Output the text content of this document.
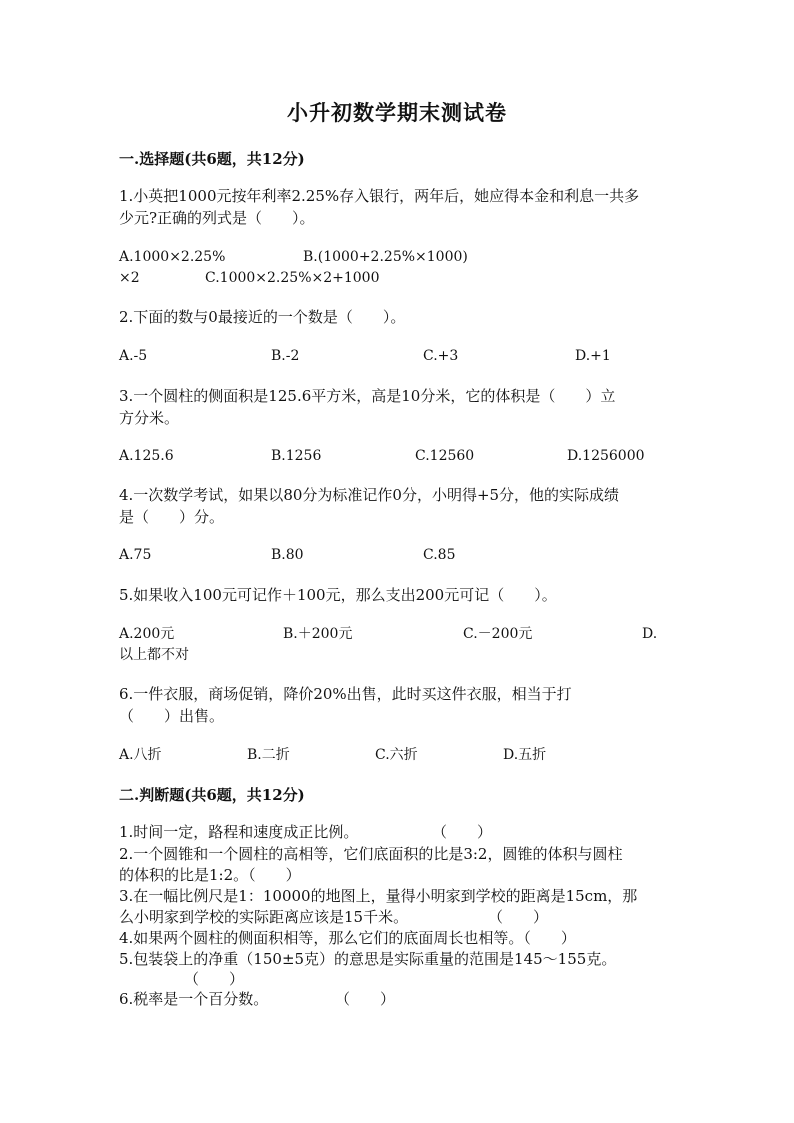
小升初数学期末测试卷
一.选择题(共6题，共12分)
1.小英把1000元按年利率2.25%存入银行，两年后，她应得本金和利息一共多
少元?正确的列式是（　　）。
A.1000×2.25%	B.(1000+2.25%×1000)
×2	C.1000×2.25%×2+1000
2.下面的数与0最接近的一个数是（　　）。
A.-5	B.-2	C.+3	D.+1
3.一个圆柱的侧面积是125.6平方米，高是10分米，它的体积是（　　）立
方分米。
A.125.6	B.1256	C.12560	D.1256000
4.一次数学考试，如果以80分为标准记作0分，小明得+5分，他的实际成绩
是（　　）分。
A.75	B.80	C.85
5.如果收入100元可记作＋100元，那么支出200元可记（　　）。
A.200元	B.＋200元	C.－200元	D.
以上都不对
6.一件衣服，商场促销，降价20%出售，此时买这件衣服，相当于打
（　　）出售。
A.八折	B.二折	C.六折	D.五折
二.判断题(共6题，共12分)
1.时间一定，路程和速度成正比例。	（　　）
2.一个圆锥和一个圆柱的高相等，它们底面积的比是3:2，圆锥的体积与圆柱
的体积的比是1:2。（　　）
3.在一幅比例尺是1：10000的地图上，量得小明家到学校的距离是15cm，那
么小明家到学校的实际距离应该是15千米。	（　　）
4.如果两个圆柱的侧面积相等，那么它们的底面周长也相等。（　　）
5.包装袋上的净重（150±5克）的意思是实际重量的范围是145～155克。
（　　）
6.税率是一个百分数。	（　　）
